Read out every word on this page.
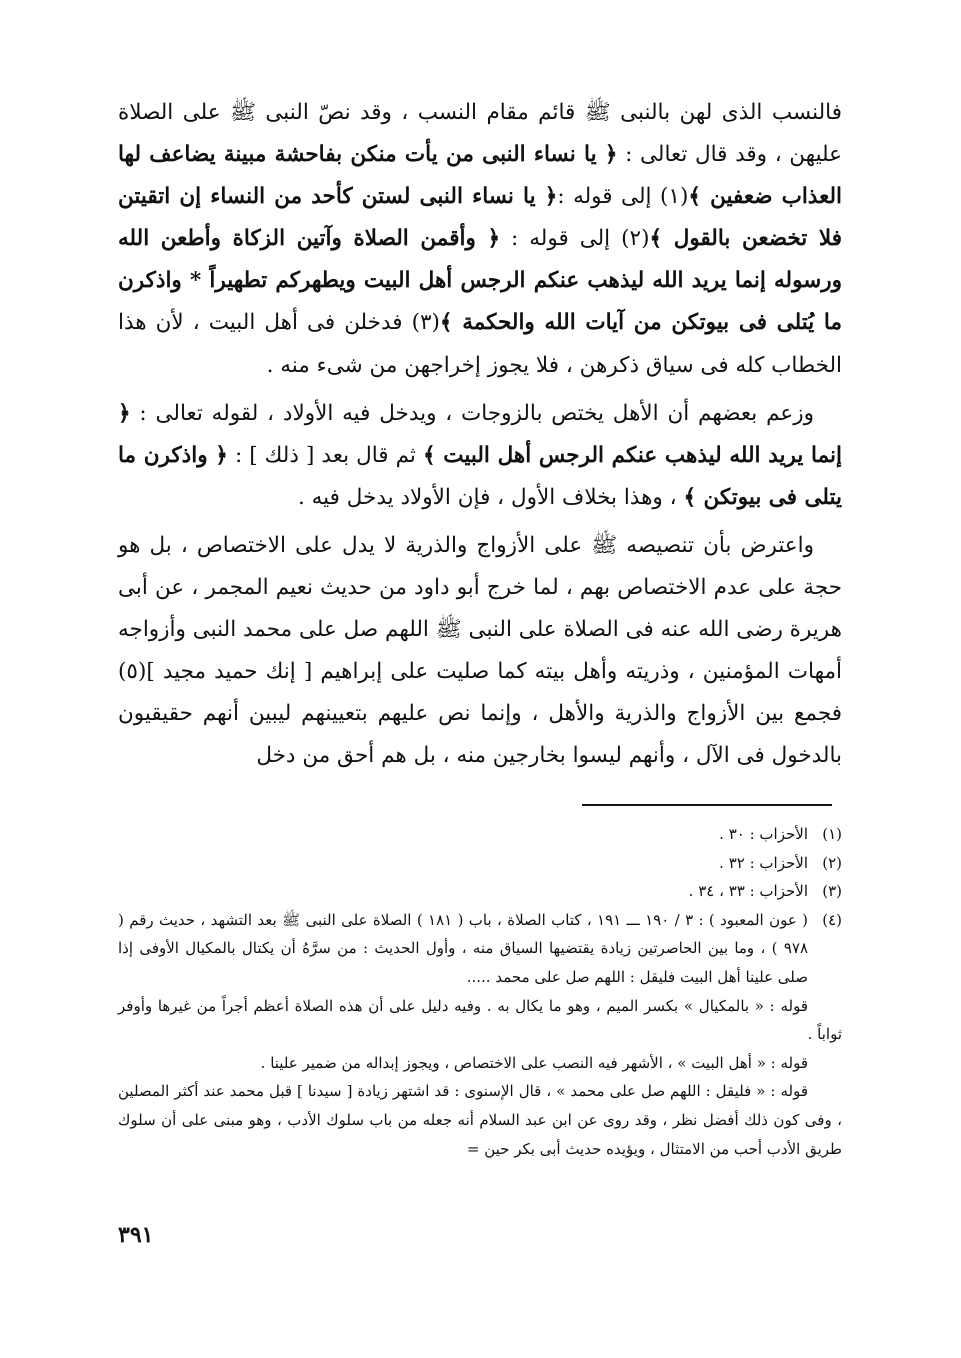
فالنسب الذى لهن بالنبى ﷺ قائم مقام النسب ، وقد نصّ النبى ﷺ على الصلاة عليهن ، وقد قال تعالى : ﴿ يا نساء النبى من يأت منكن بفاحشة مبينة يضاعف لها العذاب ضعفين ﴾(١) إلى قوله :﴿ يا نساء النبى لستن كأحد من النساء إن اتقيتن فلا تخضعن بالقول ﴾(٢) إلى قوله : ﴿ وأقمن الصلاة وآتين الزكاة وأطعن الله ورسوله إنما يريد الله ليذهب عنكم الرجس أهل البيت ويطهركم تطهيراً * واذكرن ما يُتلى فى بيوتكن من آيات الله والحكمة ﴾(٣) فدخلن فى أهل البيت ، لأن هذا الخطاب كله فى سياق ذكرهن ، فلا يجوز إخراجهن من شىء منه .

وزعم بعضهم أن الأهل يختص بالزوجات ، ويدخل فيه الأولاد ، لقوله تعالى : ﴿ إنما يريد الله ليذهب عنكم الرجس أهل البيت ﴾ ثم قال بعد [ ذلك ] : ﴿ واذكرن ما يتلى فى بيوتكن ﴾ ، وهذا بخلاف الأول ، فإن الأولاد يدخل فيه .

واعترض بأن تنصيصه ﷺ على الأزواج والذرية لا يدل على الاختصاص ، بل هو حجة على عدم الاختصاص بهم ، لما خرج أبو داود من حديث نعيم المجمر ، عن أبى هريرة رضى الله عنه فى الصلاة على النبى ﷺ اللهم صل على محمد النبى وأزواجه أمهات المؤمنين ، وذريته وأهل بيته كما صليت على إبراهيم [ إنك حميد مجيد ](٥) فجمع بين الأزواج والذرية والأهل ، وإنما نص عليهم بتعيينهم ليبين أنهم حقيقيون بالدخول فى الآل ، وأنهم ليسوا بخارجين منه ، بل هم أحق من دخل

(١)
الأحزاب : ٣٠ .
(٢)
الأحزاب : ٣٢ .
(٣)
الأحزاب : ٣٣ ، ٣٤ .
(٤)
( عون المعبود ) : ٣ / ١٩٠ ـــ ١٩١ ، كتاب الصلاة ، باب ( ١٨١ ) الصلاة على النبى ﷺ بعد التشهد ، حديث رقم ( ٩٧٨ ) ، وما بين الحاصرتين زيادة يقتضيها السياق منه ، وأول الحديث : من سرَّهُ أن يكتال بالمكيال الأوفى إذا صلى علينا أهل البيت فليقل : اللهم صل على محمد .....
قوله : « بالمكيال » بكسر الميم ، وهو ما يكال به . وفيه دليل على أن هذه الصلاة أعظم أجراً من غيرها وأوفر ثواباً .
قوله : « أهل البيت » ، الأشهر فيه النصب على الاختصاص ، ويجوز إبداله من ضمير علينا .
قوله : « فليقل : اللهم صل على محمد » ، قال الإسنوى : قد اشتهر زيادة [ سيدنا ] قبل محمد عند أكثر المصلين ، وفى كون ذلك أفضل نظر ، وقد روى عن ابن عبد السلام أنه جعله من باب سلوك الأدب ، وهو مبنى على أن سلوك طريق الأدب أحب من الامتثال ، ويؤيده حديث أبى بكر حين =
٣٩١
